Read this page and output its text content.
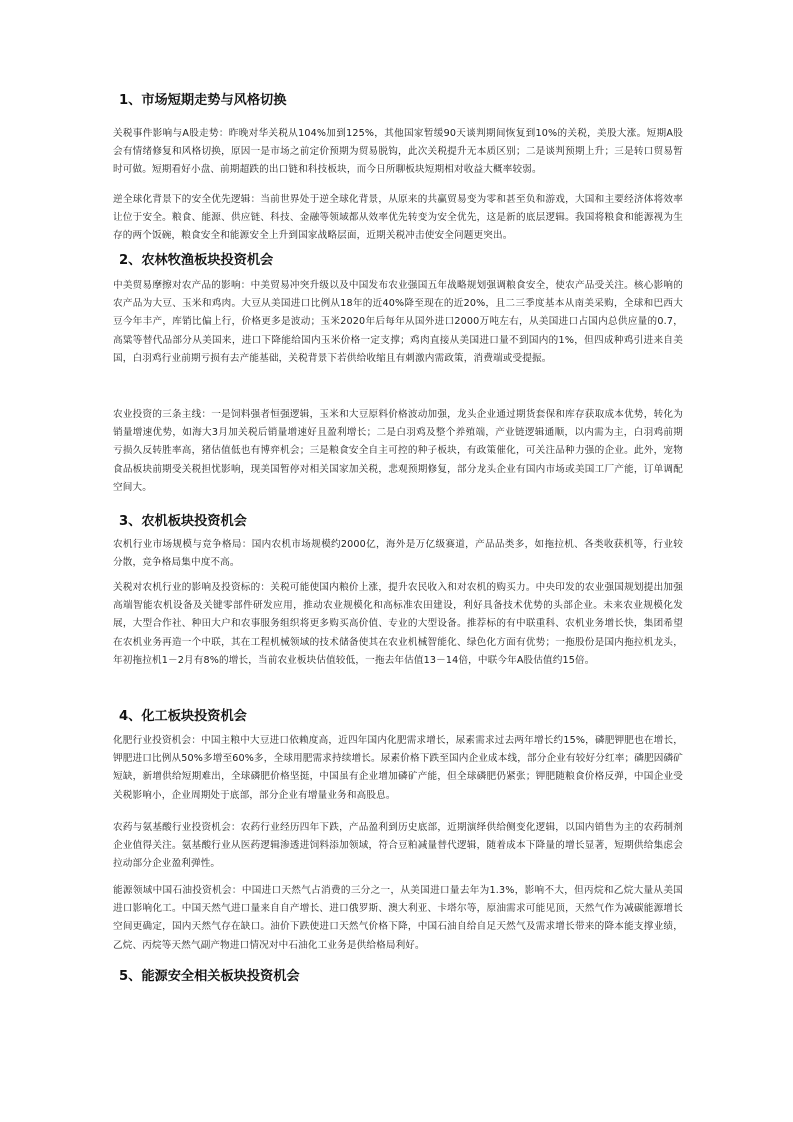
1、市场短期走势与风格切换

关税事件影响与A股走势：昨晚对华关税从104%加到125%，其他国家暂缓90天谈判期间恢复到10%的关税，美股大涨。短期A股会有情绪修复和风格切换，原因一是市场之前定价预期为贸易脱钩，此次关税提升无本质区别；二是谈判预期上升；三是转口贸易暂时可做。短期看好小盘、前期超跌的出口链和科技板块，而今日所聊板块短期相对收益大概率较弱。

逆全球化背景下的安全优先逻辑：当前世界处于逆全球化背景，从原来的共赢贸易变为零和甚至负和游戏，大国和主要经济体将效率让位于安全。粮食、能源、供应链、科技、金融等领域都从效率优先转变为安全优先，这是新的底层逻辑。我国将粮食和能源视为生存的两个饭碗，粮食安全和能源安全上升到国家战略层面，近期关税冲击使安全问题更突出。

2、农林牧渔板块投资机会

中美贸易摩擦对农产品的影响：中美贸易冲突升级以及中国发布农业强国五年战略规划强调粮食安全，使农产品受关注。核心影响的农产品为大豆、玉米和鸡肉。大豆从美国进口比例从18年的近40%降至现在的近20%，且二三季度基本从南美采购，全球和巴西大豆今年丰产，库销比偏上行，价格更多是波动；玉米2020年后每年从国外进口2000万吨左右，从美国进口占国内总供应量的0.7，高粱等替代品部分从美国来，进口下降能给国内玉米价格一定支撑；鸡肉直接从美国进口量不到国内的1%，但四成种鸡引进来自美国，白羽鸡行业前期亏损有去产能基础，关税背景下若供给收缩且有刺激内需政策，消费端或受提振。

农业投资的三条主线：一是饲料强者恒强逻辑，玉米和大豆原料价格波动加强，龙头企业通过期货套保和库存获取成本优势，转化为销量增速优势，如海大3月加关税后销量增速好且盈利增长；二是白羽鸡及整个养殖端，产业链逻辑通顺，以内需为主，白羽鸡前期亏损久反转胜率高，猪估值低也有博弈机会；三是粮食安全自主可控的种子板块，有政策催化，可关注品种力强的企业。此外，宠物食品板块前期受关税担忧影响，现美国暂停对相关国家加关税，悲观预期修复，部分龙头企业有国内市场或美国工厂产能，订单调配空间大。

3、农机板块投资机会

农机行业市场规模与竞争格局：国内农机市场规模约2000亿，海外是万亿级赛道，产品品类多，如拖拉机、各类收获机等，行业较分散，竞争格局集中度不高。

关税对农机行业的影响及投资标的：关税可能使国内粮价上涨，提升农民收入和对农机的购买力。中央印发的农业强国规划提出加强高端智能农机设备及关键零部件研发应用，推动农业规模化和高标准农田建设，利好具备技术优势的头部企业。未来农业规模化发展，大型合作社、种田大户和农事服务组织将更多购买高价值、专业的大型设备。推荐标的有中联重科、农机业务增长快，集团希望在农机业务再造一个中联，其在工程机械领域的技术储备使其在农业机械智能化、绿色化方面有优势；一拖股份是国内拖拉机龙头，年初拖拉机1－2月有8%的增长，当前农业板块估值较低，一拖去年估值13－14倍，中联今年A股估值约15倍。

4、化工板块投资机会

化肥行业投资机会：中国主粮中大豆进口依赖度高，近四年国内化肥需求增长，尿素需求过去两年增长约15%，磷肥钾肥也在增长，钾肥进口比例从50%多增至60%多，全球用肥需求持续增长。尿素价格下跌至国内企业成本线，部分企业有较好分红率；磷肥因磷矿短缺，新增供给短期难出，全球磷肥价格坚挺，中国虽有企业增加磷矿产能，但全球磷肥仍紧张；钾肥随粮食价格反弹，中国企业受关税影响小，企业周期处于底部，部分企业有增量业务和高股息。

农药与氨基酸行业投资机会：农药行业经历四年下跌，产品盈利到历史底部，近期演绎供给侧变化逻辑，以国内销售为主的农药制剂企业值得关注。氨基酸行业从医药逻辑渗透进饲料添加领域，符合豆粕减量替代逻辑，随着成本下降量的增长显著，短期供给集虑会拉动部分企业盈利弹性。

能源领域中国石油投资机会：中国进口天然气占消费的三分之一，从美国进口量去年为1.3%，影响不大，但丙烷和乙烷大量从美国进口影响化工。中国天然气进口量来自自产增长、进口俄罗斯、澳大利亚、卡塔尔等，原油需求可能见顶，天然气作为减碳能源增长空间更确定，国内天然气存在缺口。油价下跌使进口天然气价格下降，中国石油自给自足天然气及需求增长带来的降本能支撑业绩，乙烷、丙烷等天然气副产物进口情况对中石油化工业务是供给格局利好。

5、能源安全相关板块投资机会
